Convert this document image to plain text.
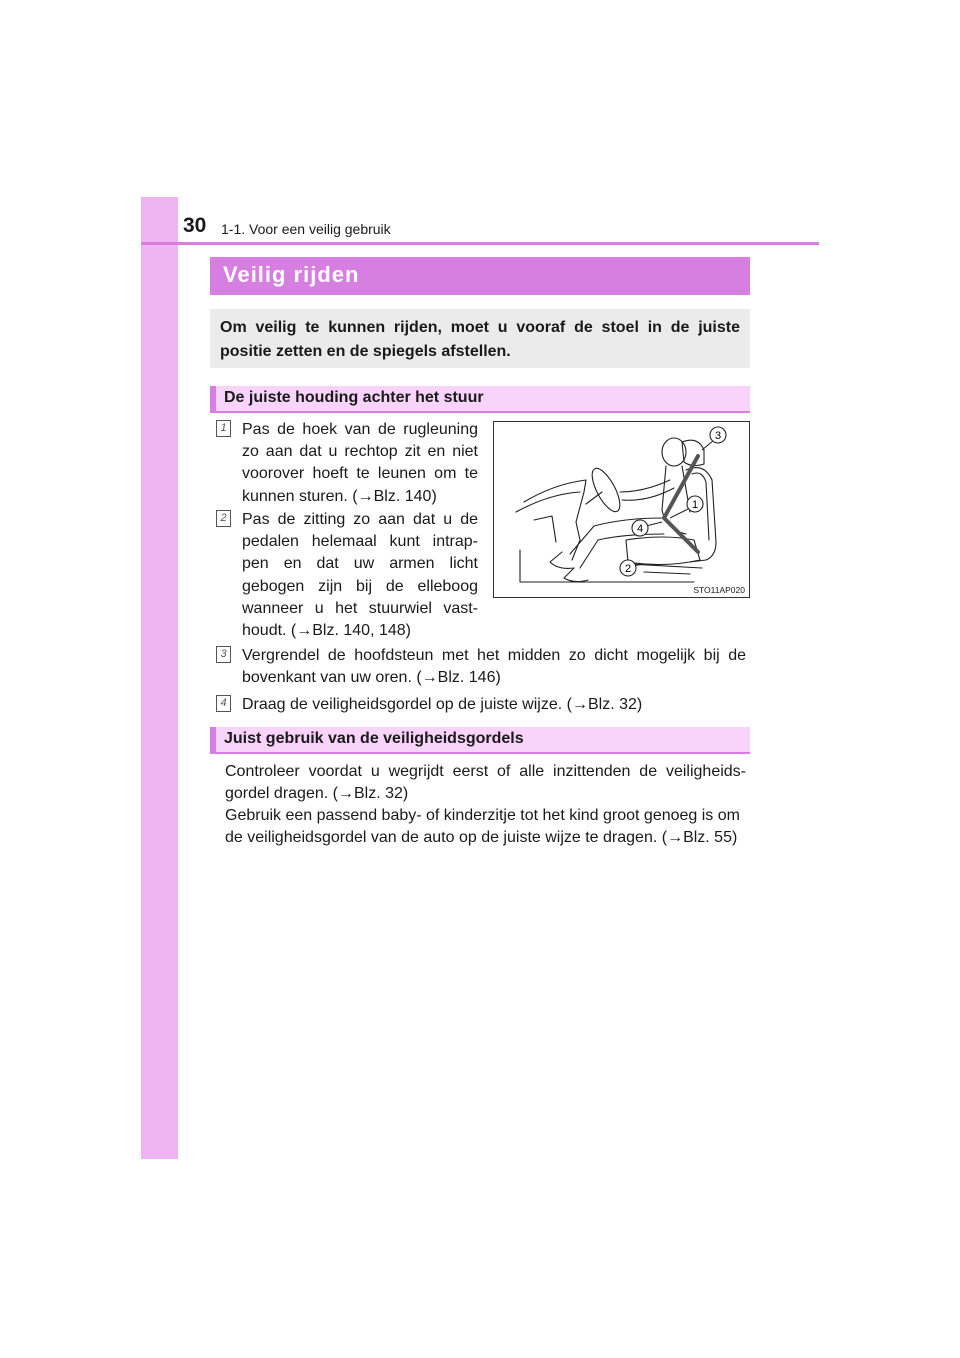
30 1-1. Voor een veilig gebruik
Veilig rijden
Om veilig te kunnen rijden, moet u vooraf de stoel in de juiste positie zetten en de spiegels afstellen.
De juiste houding achter het stuur
1 Pas de hoek van de rugleuning zo aan dat u rechtop zit en niet voorover hoeft te leunen om te kunnen sturen. (→Blz. 140)
2 Pas de zitting zo aan dat u de pedalen helemaal kunt intrap-pen en dat uw armen licht gebogen zijn bij de elleboog wanneer u het stuurwiel vast-houdt. (→Blz. 140, 148)
1
2
3
4
STO11AP020
3 Vergrendel de hoofdsteun met het midden zo dicht mogelijk bij de bovenkant van uw oren. (→Blz. 146)
4 Draag de veiligheidsgordel op de juiste wijze. (→Blz. 32)
Juist gebruik van de veiligheidsgordels
Controleer voordat u wegrijdt eerst of alle inzittenden de veiligheids-gordel dragen. (→Blz. 32)
Gebruik een passend baby- of kinderzitje tot het kind groot genoeg is om de veiligheidsgordel van de auto op de juiste wijze te dragen. (→Blz. 55)
